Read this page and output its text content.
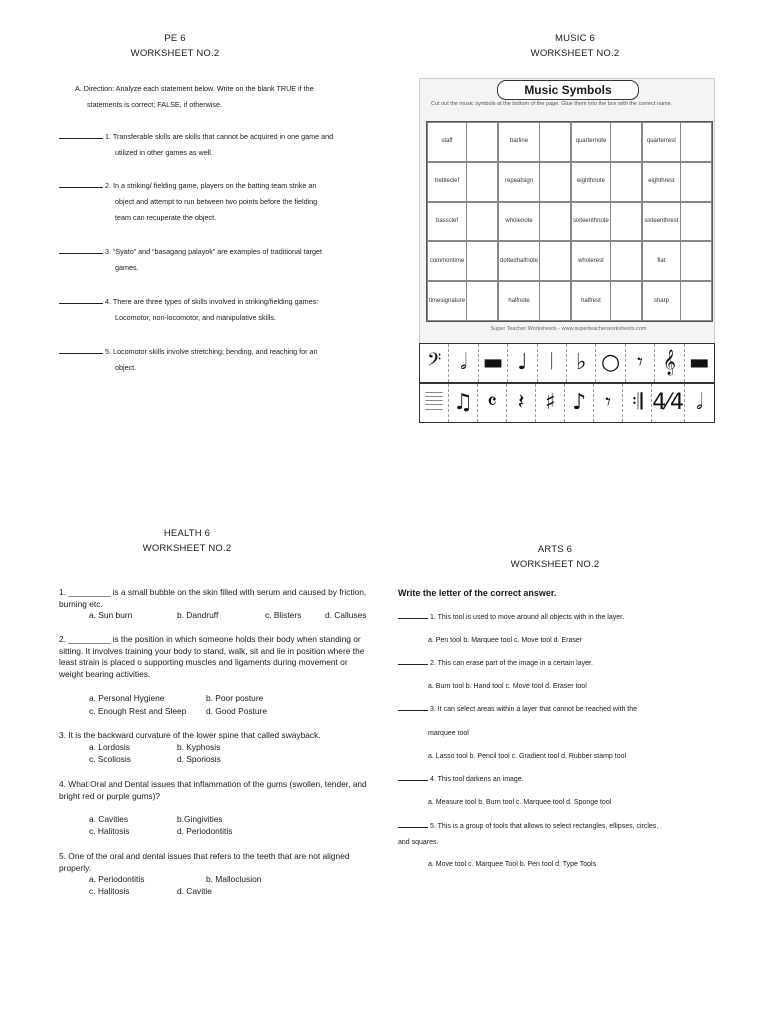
PE 6
WORKSHEET NO.2
A. Direction: Analyze each statement below. Write on the blank TRUE if the
statements is correct; FALSE, if otherwise.
1. Transferable skills are skills that cannot be acquired in one game and
utilized in other games as well.
2. In a striking/ fielding game, players on the batting team strike an
object and attempt to run between two points before the fielding
team can recuperate the object.
3. “Syato” and “basagang palayok” are examples of traditional target
games.
4. There are three types of skills involved in striking/fielding games:
Locomotor, non-locomotor, and manipulative skills.
5. Locomotor skills involve stretching, bending, and reaching for an
object.
MUSIC 6
WORKSHEET NO.2
Music Symbols
Cut out the music symbols at the bottom of the page. Glue them into the box with the correct name.
staff	bar line	quarter note	quarter rest
treble clef	repeat sign	eighth note	eighth rest
bass clef	whole note	sixteenth note	sixteenth rest
common time	dotted half note	whole rest	flat
time signature	half note	half rest	sharp
Super Teacher Worksheets - www.superteacherworksheets.com
𝄢 𝅗𝅥 ▬ ♩	𝄀	♭ ○ 𝄾 𝄞 ▬
𝄚 ♫ 𝄴 𝄽 ♯ ♪ 𝄾 𝄇 4⁄4 𝅗𝅥
HEALTH 6
WORKSHEET NO.2
1. _________ is a small bubble on the skin filled with serum and caused by friction, burning etc.
a. Sun burn	b. Dandruff	c. Blisters	d. Calluses
2. _________ is the position in which someone holds their body when standing or sitting. It involves training your body to stand, walk, sit and lie in position where the least strain is placed o supporting muscles and ligaments during movement or weight bearing activities.
a. Personal Hygiene	b. Poor posture
c. Enough Rest and Sleep d. Good Posture
3. It is the backward curvature of the lower spine that called swayback.
a. Lordosis	b. Kyphosis
c. Scoliosis	d. Sporiosis
4. What Oral and Dental issues that inflammation of the gums (swollen, tender, and bright red or purple gums)?
a. Cavities	b.Gingivities
c. Halitosis	d. Periodontitis
5. One of the oral and dental issues that refers to the teeth that are not aligned properly.
a. Periodontitis	b. Malloclusion
c. Halitosis	d. Cavitie
ARTS 6
WORKSHEET NO.2
Write the letter of the correct answer.
1. This tool is used to move around all objects with in the layer.
a. Pen tool b. Marquee tool c. Move tool d. Eraser
2. This can erase part of the image in a certain layer.
a. Burn tool b. Hand tool c. Move tool d. Eraser tool
3. It can select areas within a layer that cannot be reached with the
marquee tool
a. Lasso tool b. Pencil tool c. Gradient tool d. Rubber stamp tool
4. This tool darkens an image.
a. Measure tool b. Burn tool c. Marquee tool d. Sponge tool
5. This is a group of tools that allows to select rectangles, ellipses, circles,
and squares.
a. Move tool c. Marquee Tool b. Pen tool d. Type Tools
